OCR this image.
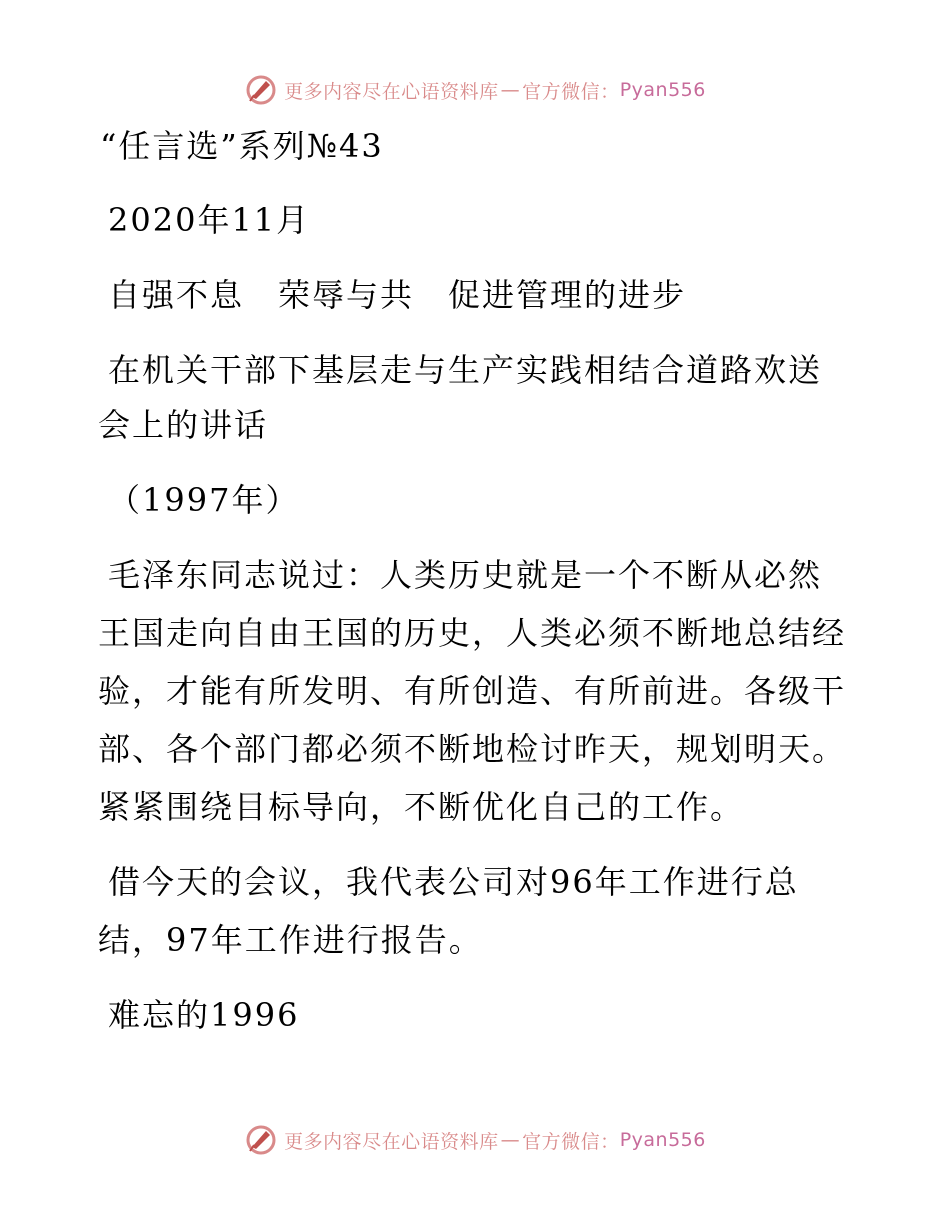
更多内容尽在心语资料库 — 官方微信： Pyan556
“任言选”系列№43
2020年11月
自强不息　荣辱与共　促进管理的进步
在机关干部下基层走与生产实践相结合道路欢送
会上的讲话
（1997年）
毛泽东同志说过：人类历史就是一个不断从必然
王国走向自由王国的历史，人类必须不断地总结经
验，才能有所发明、有所创造、有所前进。各级干
部、各个部门都必须不断地检讨昨天，规划明天。
紧紧围绕目标导向，不断优化自己的工作。
借今天的会议，我代表公司对96年工作进行总
结，97年工作进行报告。
难忘的1996
更多内容尽在心语资料库 — 官方微信： Pyan556
